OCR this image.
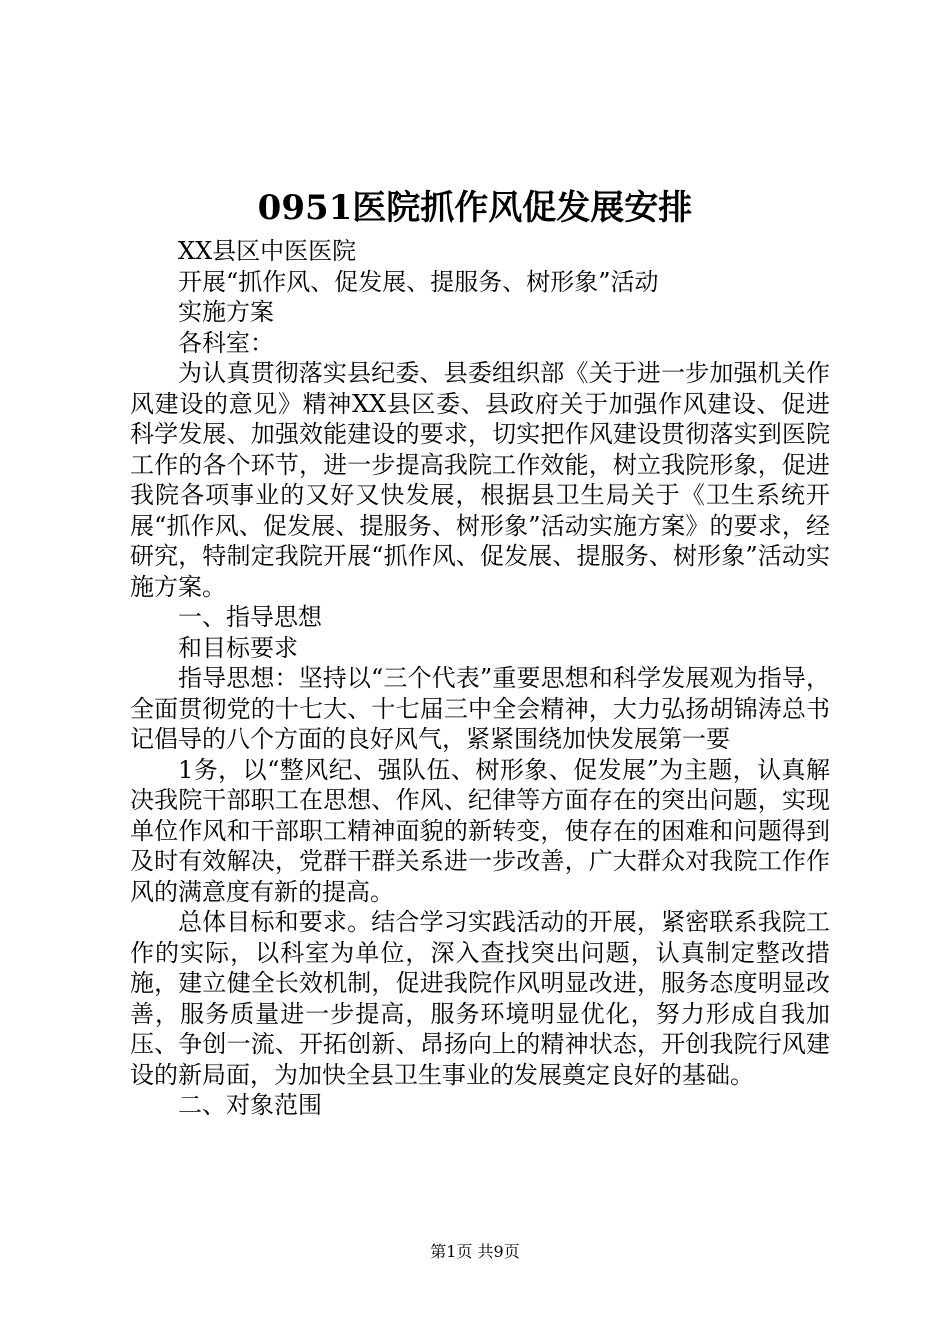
0951医院抓作风促发展安排

XX县区中医医院

开展“抓作风、促发展、提服务、树形象”活动

实施方案

各科室：

为认真贯彻落实县纪委、县委组织部《关于进一步加强机关作风建设的意见》精神XX县区委、县政府关于加强作风建设、促进科学发展、加强效能建设的要求，切实把作风建设贯彻落实到医院工作的各个环节，进一步提高我院工作效能，树立我院形象，促进我院各项事业的又好又快发展，根据县卫生局关于《卫生系统开展“抓作风、促发展、提服务、树形象”活动实施方案》的要求，经研究，特制定我院开展“抓作风、促发展、提服务、树形象”活动实施方案。

一、指导思想

和目标要求

指导思想：坚持以“三个代表”重要思想和科学发展观为指导，全面贯彻党的十七大、十七届三中全会精神，大力弘扬胡锦涛总书记倡导的八个方面的良好风气，紧紧围绕加快发展第一要

1务，以“整风纪、强队伍、树形象、促发展”为主题，认真解决我院干部职工在思想、作风、纪律等方面存在的突出问题，实现单位作风和干部职工精神面貌的新转变，使存在的困难和问题得到及时有效解决，党群干群关系进一步改善，广大群众对我院工作作风的满意度有新的提高。

总体目标和要求。结合学习实践活动的开展，紧密联系我院工作的实际，以科室为单位，深入查找突出问题，认真制定整改措施，建立健全长效机制，促进我院作风明显改进，服务态度明显改善，服务质量进一步提高，服务环境明显优化，努力形成自我加压、争创一流、开拓创新、昂扬向上的精神状态，开创我院行风建设的新局面，为加快全县卫生事业的发展奠定良好的基础。

二、对象范围

第1页 共9页
